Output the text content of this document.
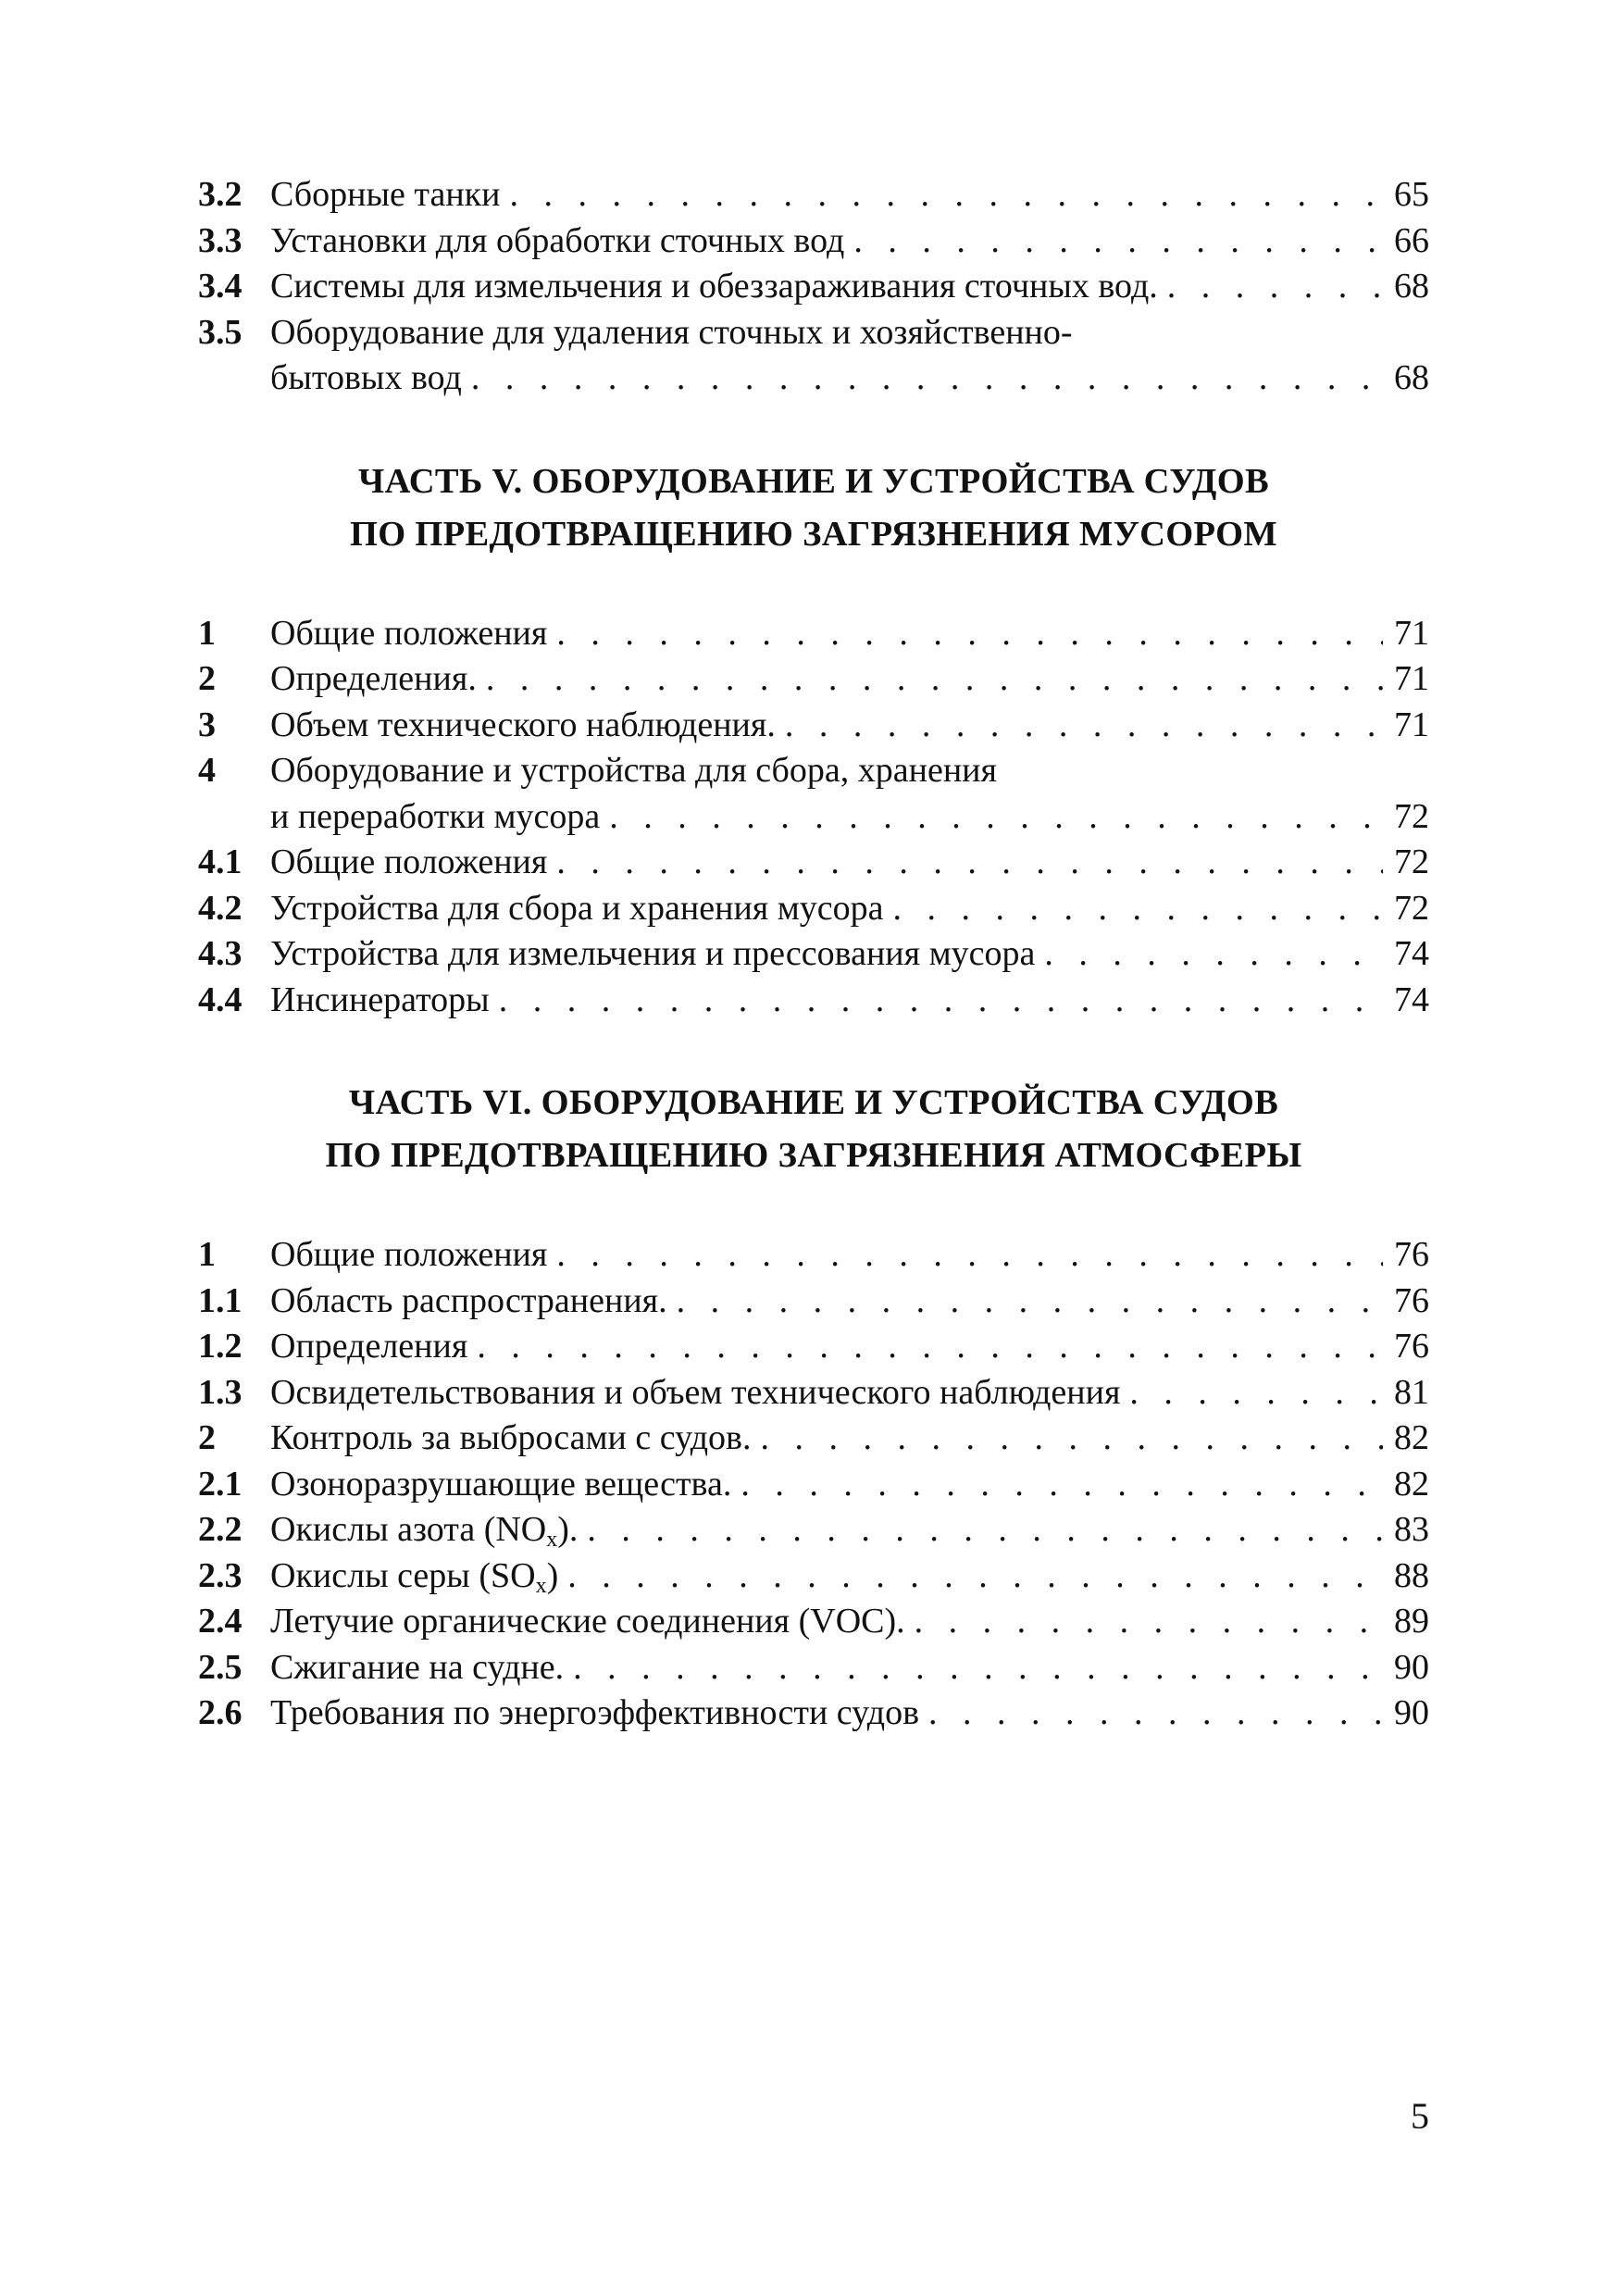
3.2 Сборные танки . . .	65
3.3 Установки для обработки сточных вод . . .	66
3.4 Системы для измельчения и обеззараживания сточных вод. . . .	68
3.5 Оборудование для удаления сточных и хозяйственно-
бытовых вод . . .	68
ЧАСТЬ V. ОБОРУДОВАНИЕ И УСТРОЙСТВА СУДОВ
ПО ПРЕДОТВРАЩЕНИЮ ЗАГРЯЗНЕНИЯ МУСОРОМ
1	Общие положения . . .	71
2	Определения. . . .	71
3	Объем технического наблюдения. . . .	71
4	Оборудование и устройства для сбора, хранения
и переработки мусора . . .	72
4.1 Общие положения . . .	72
4.2 Устройства для сбора и хранения мусора . . .	72
4.3 Устройства для измельчения и прессования мусора . . .	74
4.4 Инсинераторы . . .	74
ЧАСТЬ VI. ОБОРУДОВАНИЕ И УСТРОЙСТВА СУДОВ
ПО ПРЕДОТВРАЩЕНИЮ ЗАГРЯЗНЕНИЯ АТМОСФЕРЫ
1	Общие положения . . .	76
1.1 Область распространения. . . .	76
1.2 Определения . . .	76
1.3 Освидетельствования и объем технического наблюдения . . .	81
2	Контроль за выбросами с судов. . . .	82
2.1 Озоноразрушающие вещества. . . .	82
2.2 Окислы азота $(NO_x)$. . . .	83
2.3 Окислы серы $(SO_x)$ . . .	88
2.4 Летучие органические соединения (VOC). . . .	89
2.5 Сжигание на судне. . . .	90
2.6 Требования по энергоэффективности судов . . .	90
5
